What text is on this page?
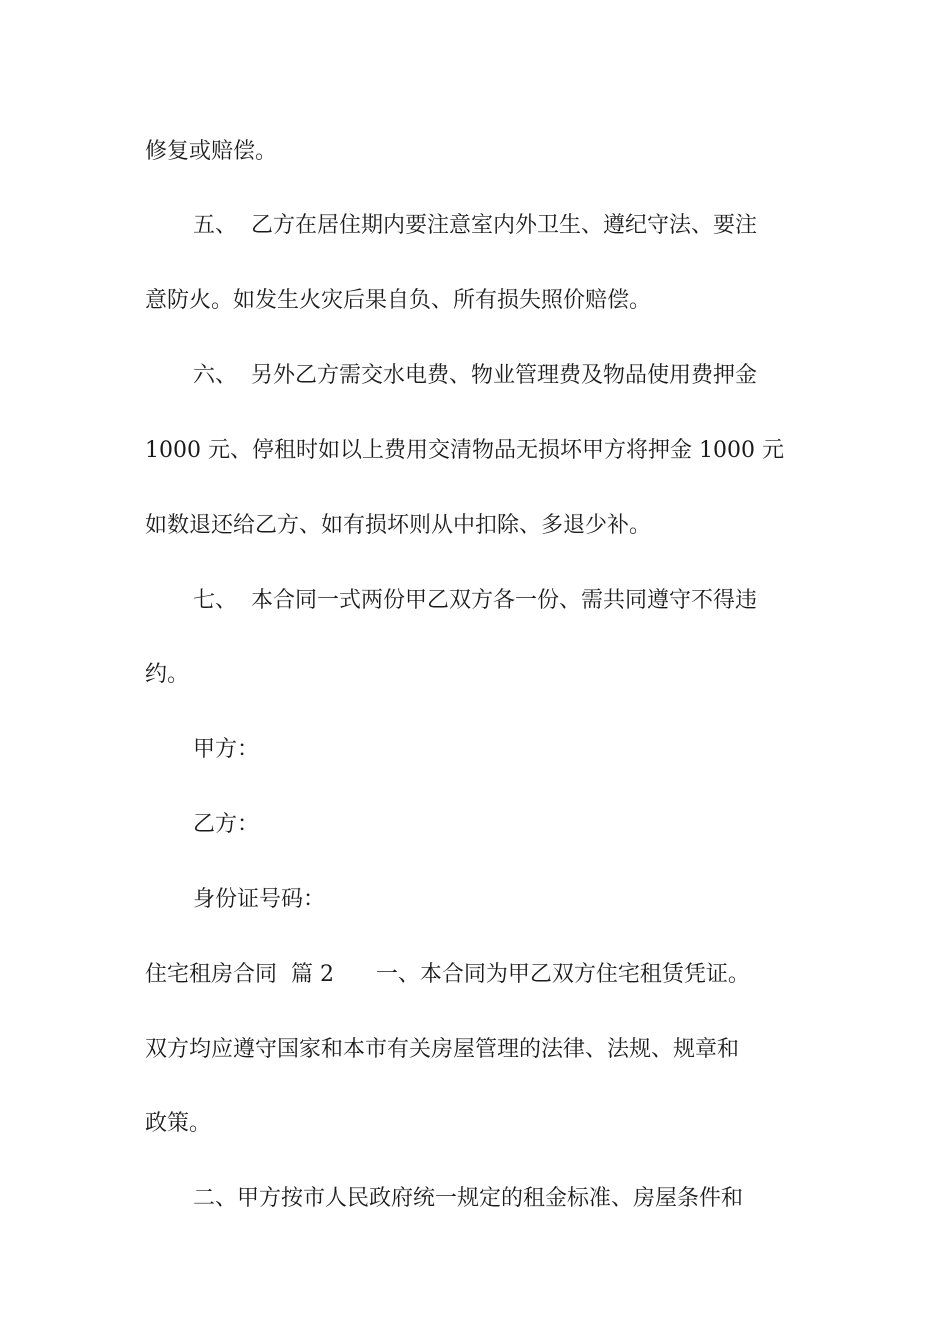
修复或赔偿。
五、  乙方在居住期内要注意室内外卫生、遵纪守法、要注
意防火。如发生火灾后果自负、所有损失照价赔偿。
六、  另外乙方需交水电费、物业管理费及物品使用费押金
1000 元、停租时如以上费用交清物品无损坏甲方将押金 1000 元
如数退还给乙方、如有损坏则从中扣除、多退少补。
七、  本合同一式两份甲乙双方各一份、需共同遵守不得违
约。
甲方：
乙方：
身份证号码：
住宅租房合同  篇 2      一、本合同为甲乙双方住宅租赁凭证。
双方均应遵守国家和本市有关房屋管理的法律、法规、规章和
政策。
二、甲方按市人民政府统一规定的租金标准、房屋条件和
